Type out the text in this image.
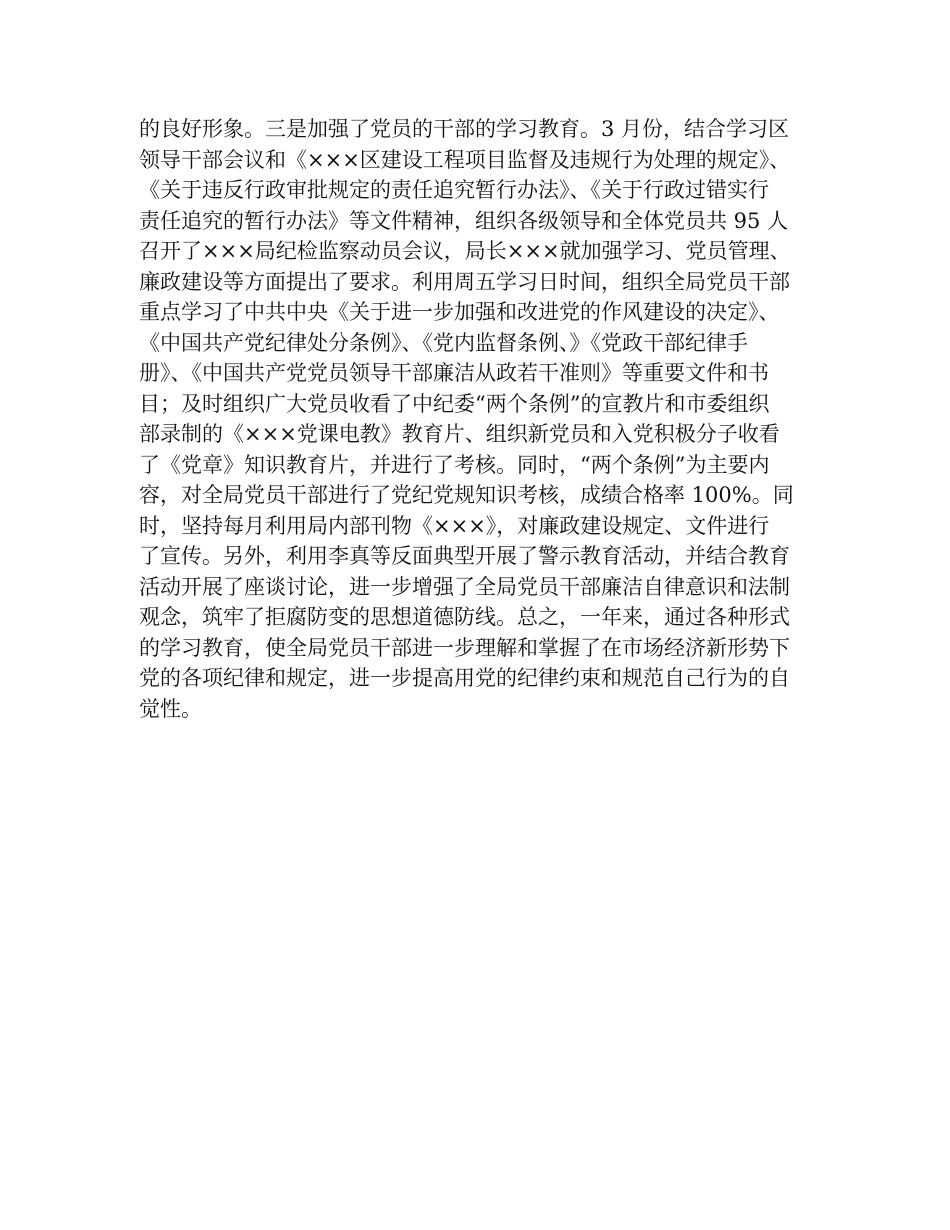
的良好形象。三是加强了党员的干部的学习教育。3 月份，结合学习区
领导干部会议和《×××区建设工程项目监督及违规行为处理的规定》、
《关于违反行政审批规定的责任追究暂行办法》、《关于行政过错实行
责任追究的暂行办法》等文件精神，组织各级领导和全体党员共 95 人
召开了×××局纪检监察动员会议，局长×××就加强学习、党员管理、
廉政建设等方面提出了要求。利用周五学习日时间，组织全局党员干部
重点学习了中共中央《关于进一步加强和改进党的作风建设的决定》、
《中国共产党纪律处分条例》、《党内监督条例、》《党政干部纪律手
册》、《中国共产党党员领导干部廉洁从政若干准则》等重要文件和书
目；及时组织广大党员收看了中纪委“两个条例”的宣教片和市委组织
部录制的《×××党课电教》教育片、组织新党员和入党积极分子收看
了《党章》知识教育片，并进行了考核。同时，“两个条例”为主要内
容，对全局党员干部进行了党纪党规知识考核，成绩合格率 100%。同
时，坚持每月利用局内部刊物《×××》，对廉政建设规定、文件进行
了宣传。另外，利用李真等反面典型开展了警示教育活动，并结合教育
活动开展了座谈讨论，进一步增强了全局党员干部廉洁自律意识和法制
观念，筑牢了拒腐防变的思想道德防线。总之，一年来，通过各种形式
的学习教育，使全局党员干部进一步理解和掌握了在市场经济新形势下
党的各项纪律和规定，进一步提高用党的纪律约束和规范自己行为的自
觉性。
